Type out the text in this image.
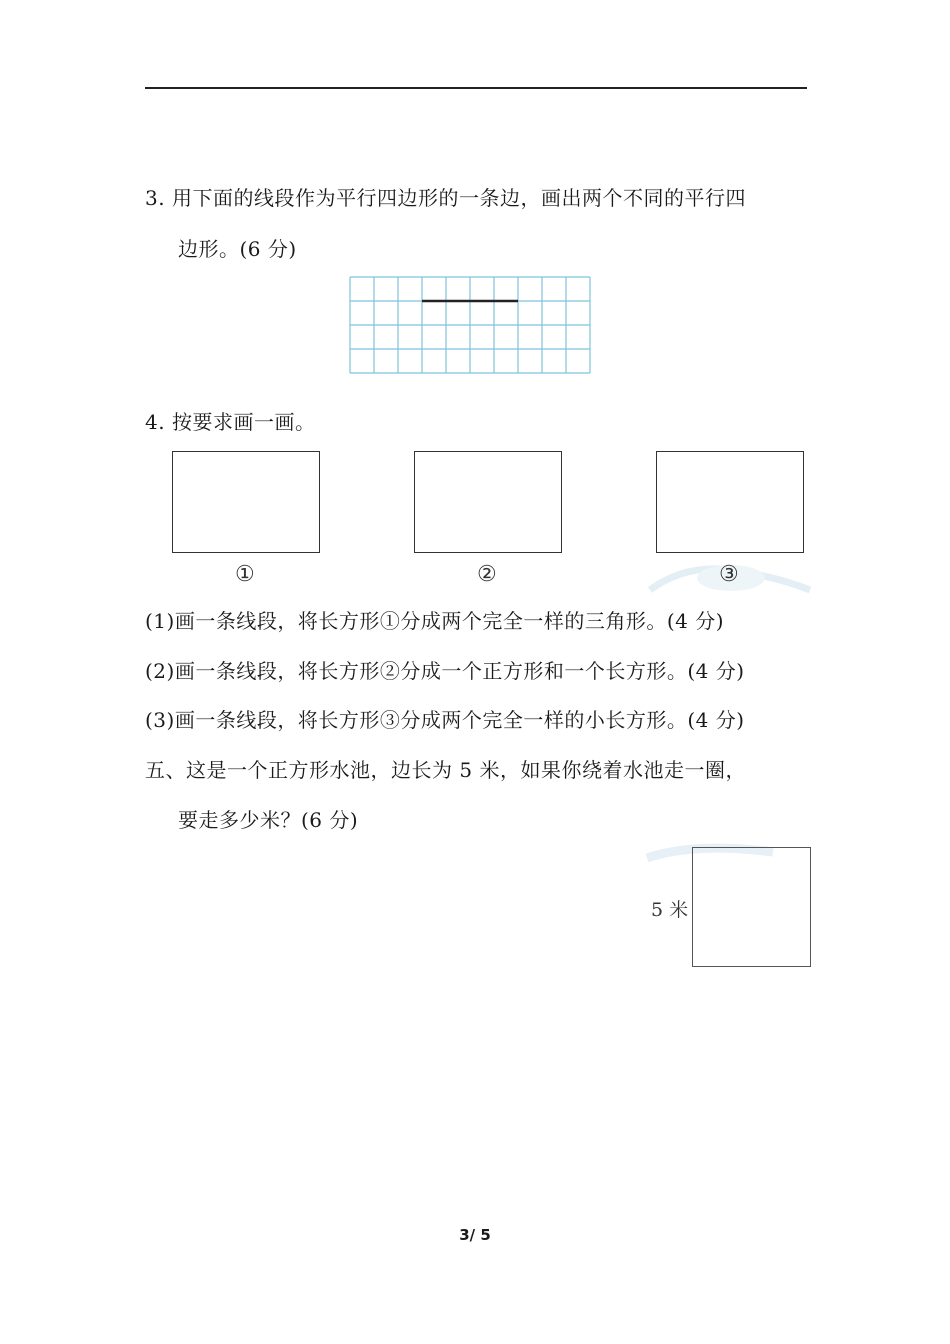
3. 用下面的线段作为平行四边形的一条边，画出两个不同的平行四
边形。(6 分)
4. 按要求画一画。
①	②	③
(1)画一条线段，将长方形①分成两个完全一样的三角形。(4 分)
(2)画一条线段，将长方形②分成一个正方形和一个长方形。(4 分)
(3)画一条线段，将长方形③分成两个完全一样的小长方形。(4 分)
五、这是一个正方形水池，边长为 5 米，如果你绕着水池走一圈，
要走多少米？(6 分)
5 米
3/ 5
